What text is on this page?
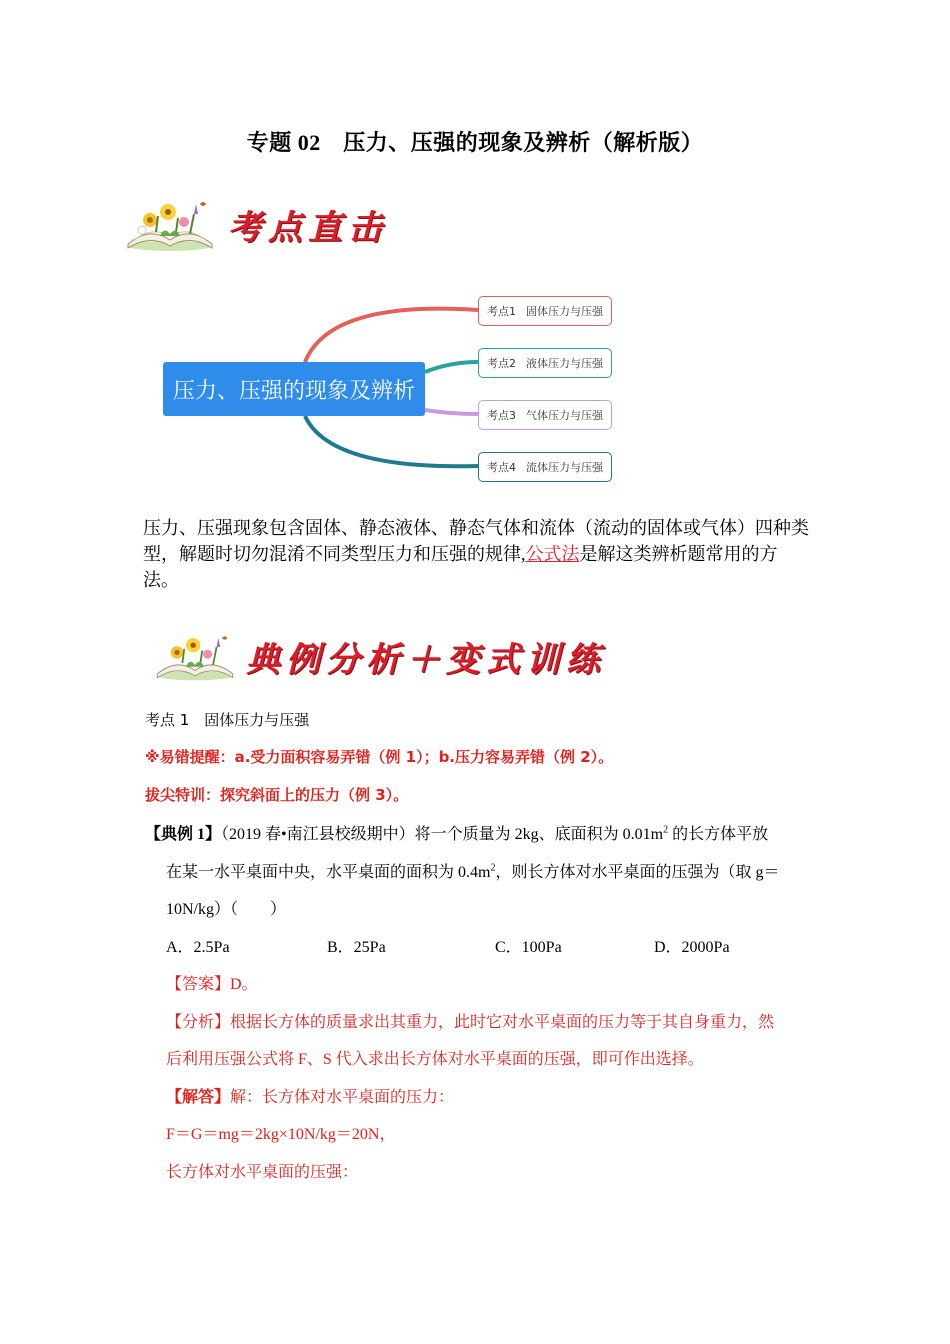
专题 02　压力、压强的现象及辨析（解析版）
考点直击
压力、压强的现象及辨析
考点1 固体压力与压强
考点2 液体压力与压强
考点3 气体压力与压强
考点4 流体压力与压强
压力、压强现象包含固体、静态液体、静态气体和流体（流动的固体或气体）四种类型，解题时切勿混淆不同类型压力和压强的规律,公式法是解这类辨析题常用的方法。
典例分析＋变式训练
考点 1　固体压力与压强
※易错提醒：a.受力面积容易弄错（例 1）；b.压力容易弄错（例 2）。
拔尖特训：探究斜面上的压力（例 3）。
【典例 1】（2019 春•南江县校级期中）将一个质量为 2kg、底面积为 $0.01m^2$ 的长方体平放
在某一水平桌面中央，水平桌面的面积为 $0.4m^2$，则长方体对水平桌面的压强为（取 g＝
10N/kg）（　　）
A．2.5Pa	B．25Pa	C．100Pa	D．2000Pa
【答案】D。
【分析】根据长方体的质量求出其重力，此时它对水平桌面的压力等于其自身重力，然
后利用压强公式将 F、S 代入求出长方体对水平桌面的压强，即可作出选择。
【解答】解：长方体对水平桌面的压力：
F＝G＝mg＝2kg×10N/kg＝20N，
长方体对水平桌面的压强：
